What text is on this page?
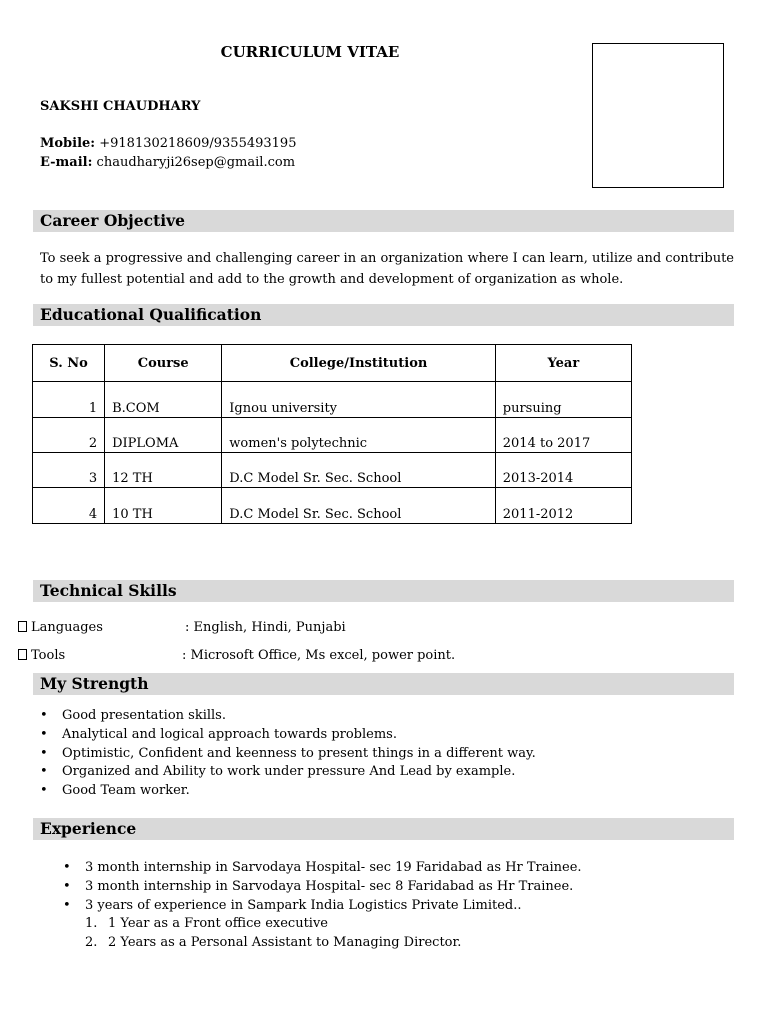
CURRICULUM VITAE
SAKSHI CHAUDHARY
Mobile: +918130218609/9355493195
E-mail: chaudharyji26sep@gmail.com
Career Objective
To seek a progressive and challenging career in an organization where I can learn, utilize and contribute to my fullest potential and add to the growth and development of organization as whole.
Educational Qualification
S. No	Course	College/Institution	Year
1	B.COM	Ignou university	pursuing
2	DIPLOMA	women's polytechnic	2014 to 2017
3	12 TH	D.C Model Sr. Sec. School	2013-2014
4	10 TH	D.C Model Sr. Sec. School	2011-2012
Technical Skills
Languages	: English, Hindi, Punjabi
Tools	: Microsoft Office, Ms excel, power point.
My Strength
• Good presentation skills.
• Analytical and logical approach towards problems.
• Optimistic, Confident and keenness to present things in a different way.
• Organized and Ability to work under pressure And Lead by example.
• Good Team worker.
Experience
• 3 month internship in Sarvodaya Hospital- sec 19 Faridabad as Hr Trainee.
• 3 month internship in Sarvodaya Hospital- sec 8 Faridabad as Hr Trainee.
• 3 years of experience in Sampark India Logistics Private Limited..
1. 1 Year as a Front office executive
2. 2 Years as a Personal Assistant to Managing Director.
